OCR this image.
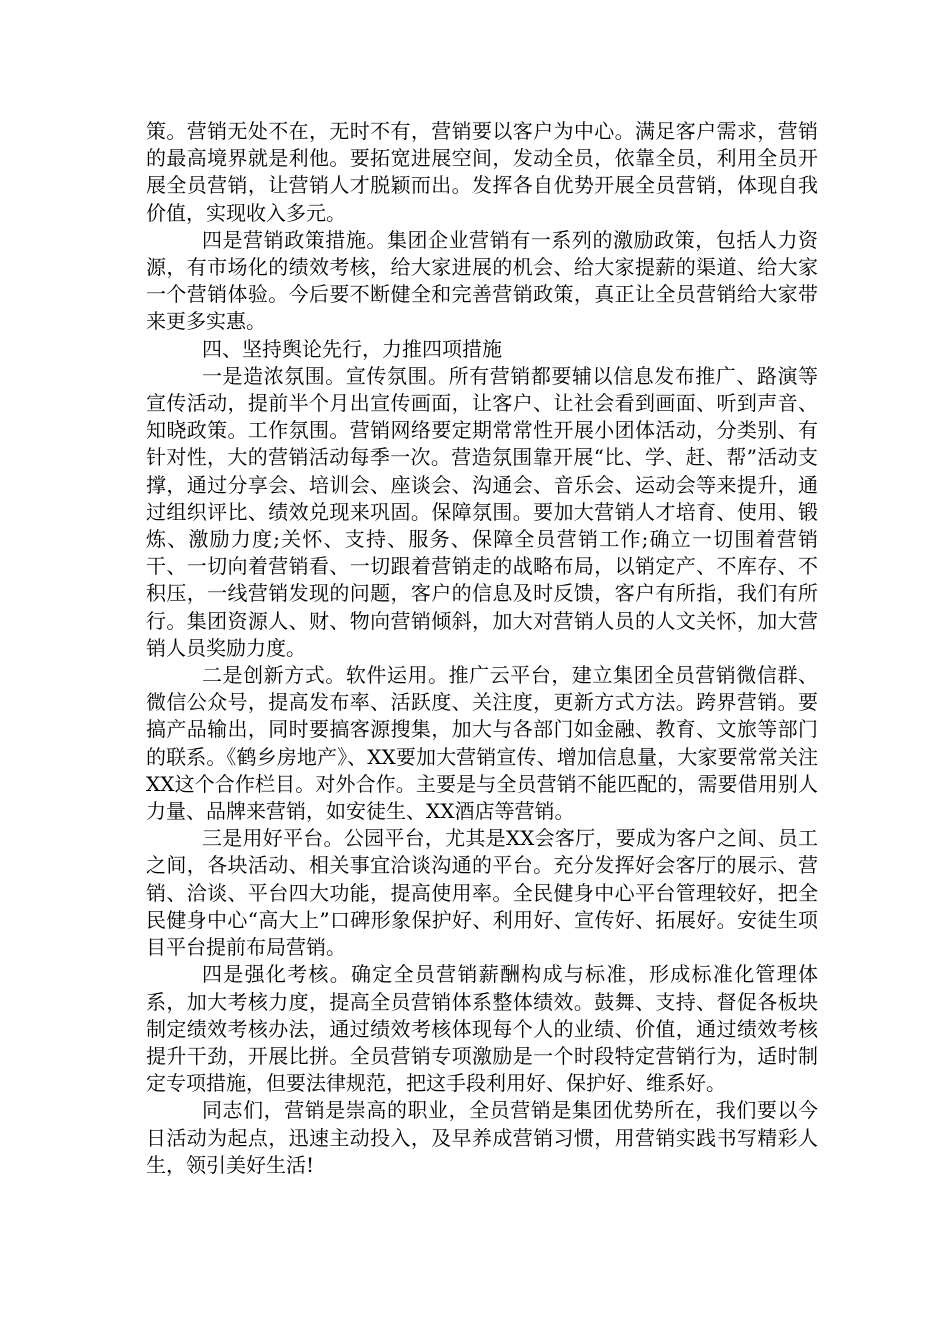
策。营销无处不在，无时不有，营销要以客户为中心。满足客户需求，营销的最高境界就是利他。要拓宽进展空间，发动全员，依靠全员，利用全员开展全员营销，让营销人才脱颖而出。发挥各自优势开展全员营销，体现自我价值，实现收入多元。

四是营销政策措施。集团企业营销有一系列的激励政策，包括人力资源，有市场化的绩效考核，给大家进展的机会、给大家提薪的渠道、给大家一个营销体验。今后要不断健全和完善营销政策，真正让全员营销给大家带来更多实惠。

四、坚持舆论先行，力推四项措施

一是造浓氛围。宣传氛围。所有营销都要辅以信息发布推广、路演等宣传活动，提前半个月出宣传画面，让客户、让社会看到画面、听到声音、知晓政策。工作氛围。营销网络要定期常常性开展小团体活动，分类别、有针对性，大的营销活动每季一次。营造氛围靠开展“比、学、赶、帮”活动支撑，通过分享会、培训会、座谈会、沟通会、音乐会、运动会等来提升，通过组织评比、绩效兑现来巩固。保障氛围。要加大营销人才培育、使用、锻炼、激励力度;关怀、支持、服务、保障全员营销工作;确立一切围着营销干、一切向着营销看、一切跟着营销走的战略布局，以销定产、不库存、不积压，一线营销发现的问题，客户的信息及时反馈，客户有所指，我们有所行。集团资源人、财、物向营销倾斜，加大对营销人员的人文关怀，加大营销人员奖励力度。

二是创新方式。软件运用。推广云平台，建立集团全员营销微信群、微信公众号，提高发布率、活跃度、关注度，更新方式方法。跨界营销。要搞产品输出，同时要搞客源搜集，加大与各部门如金融、教育、文旅等部门的联系。《鹤乡房地产》、XX要加大营销宣传、增加信息量，大家要常常关注XX这个合作栏目。对外合作。主要是与全员营销不能匹配的，需要借用别人力量、品牌来营销，如安徒生、XX酒店等营销。

三是用好平台。公园平台，尤其是XX会客厅，要成为客户之间、员工之间，各块活动、相关事宜洽谈沟通的平台。充分发挥好会客厅的展示、营销、洽谈、平台四大功能，提高使用率。全民健身中心平台管理较好，把全民健身中心“高大上”口碑形象保护好、利用好、宣传好、拓展好。安徒生项目平台提前布局营销。

四是强化考核。确定全员营销薪酬构成与标准，形成标准化管理体系，加大考核力度，提高全员营销体系整体绩效。鼓舞、支持、督促各板块制定绩效考核办法，通过绩效考核体现每个人的业绩、价值，通过绩效考核提升干劲，开展比拼。全员营销专项激励是一个时段特定营销行为，适时制定专项措施，但要法律规范，把这手段利用好、保护好、维系好。

同志们，营销是崇高的职业，全员营销是集团优势所在，我们要以今日活动为起点，迅速主动投入，及早养成营销习惯，用营销实践书写精彩人生，领引美好生活!
